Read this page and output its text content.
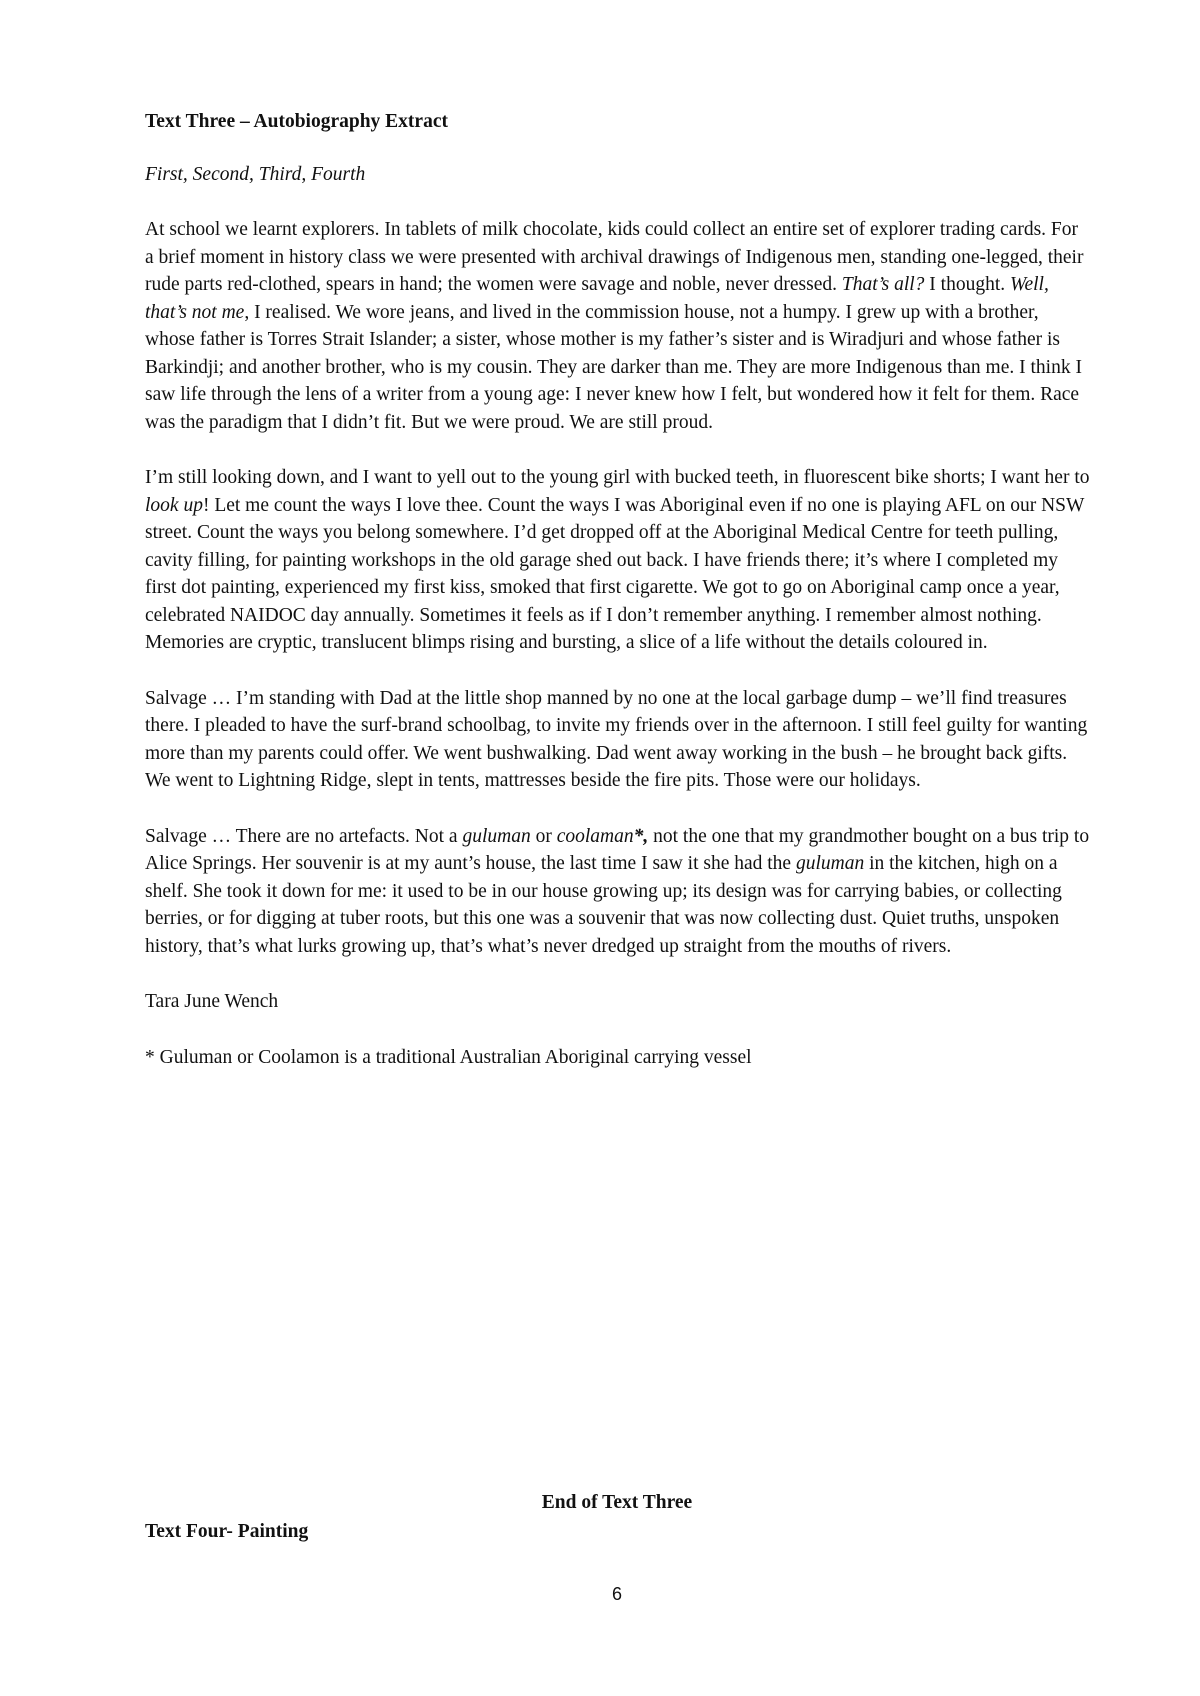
Text Three – Autobiography Extract

First, Second, Third, Fourth

At school we learnt explorers. In tablets of milk chocolate, kids could collect an entire set of explorer trading cards. For a brief moment in history class we were presented with archival drawings of Indigenous men, standing one-legged, their rude parts red-clothed, spears in hand; the women were savage and noble, never dressed. That’s all? I thought. Well, that’s not me, I realised. We wore jeans, and lived in the commission house, not a humpy. I grew up with a brother, whose father is Torres Strait Islander; a sister, whose mother is my father’s sister and is Wiradjuri and whose father is Barkindji; and another brother, who is my cousin. They are darker than me. They are more Indigenous than me. I think I saw life through the lens of a writer from a young age: I never knew how I felt, but wondered how it felt for them. Race was the paradigm that I didn’t fit. But we were proud. We are still proud.

I’m still looking down, and I want to yell out to the young girl with bucked teeth, in fluorescent bike shorts; I want her to look up! Let me count the ways I love thee. Count the ways I was Aboriginal even if no one is playing AFL on our NSW street. Count the ways you belong somewhere. I’d get dropped off at the Aboriginal Medical Centre for teeth pulling, cavity filling, for painting workshops in the old garage shed out back. I have friends there; it’s where I completed my first dot painting, experienced my first kiss, smoked that first cigarette. We got to go on Aboriginal camp once a year, celebrated NAIDOC day annually. Sometimes it feels as if I don’t remember anything. I remember almost nothing. Memories are cryptic, translucent blimps rising and bursting, a slice of a life without the details coloured in.

Salvage … I’m standing with Dad at the little shop manned by no one at the local garbage dump – we’ll find treasures there. I pleaded to have the surf-brand schoolbag, to invite my friends over in the afternoon. I still feel guilty for wanting more than my parents could offer. We went bushwalking. Dad went away working in the bush – he brought back gifts. We went to Lightning Ridge, slept in tents, mattresses beside the fire pits. Those were our holidays.

Salvage … There are no artefacts. Not a guluman or coolaman*, not the one that my grandmother bought on a bus trip to Alice Springs. Her souvenir is at my aunt’s house, the last time I saw it she had the guluman in the kitchen, high on a shelf. She took it down for me: it used to be in our house growing up; its design was for carrying babies, or collecting berries, or for digging at tuber roots, but this one was a souvenir that was now collecting dust. Quiet truths, unspoken history, that’s what lurks growing up, that’s what’s never dredged up straight from the mouths of rivers.

Tara June Wench

* Guluman or Coolamon is a traditional Australian Aboriginal carrying vessel

End of Text Three
Text Four- Painting
6
